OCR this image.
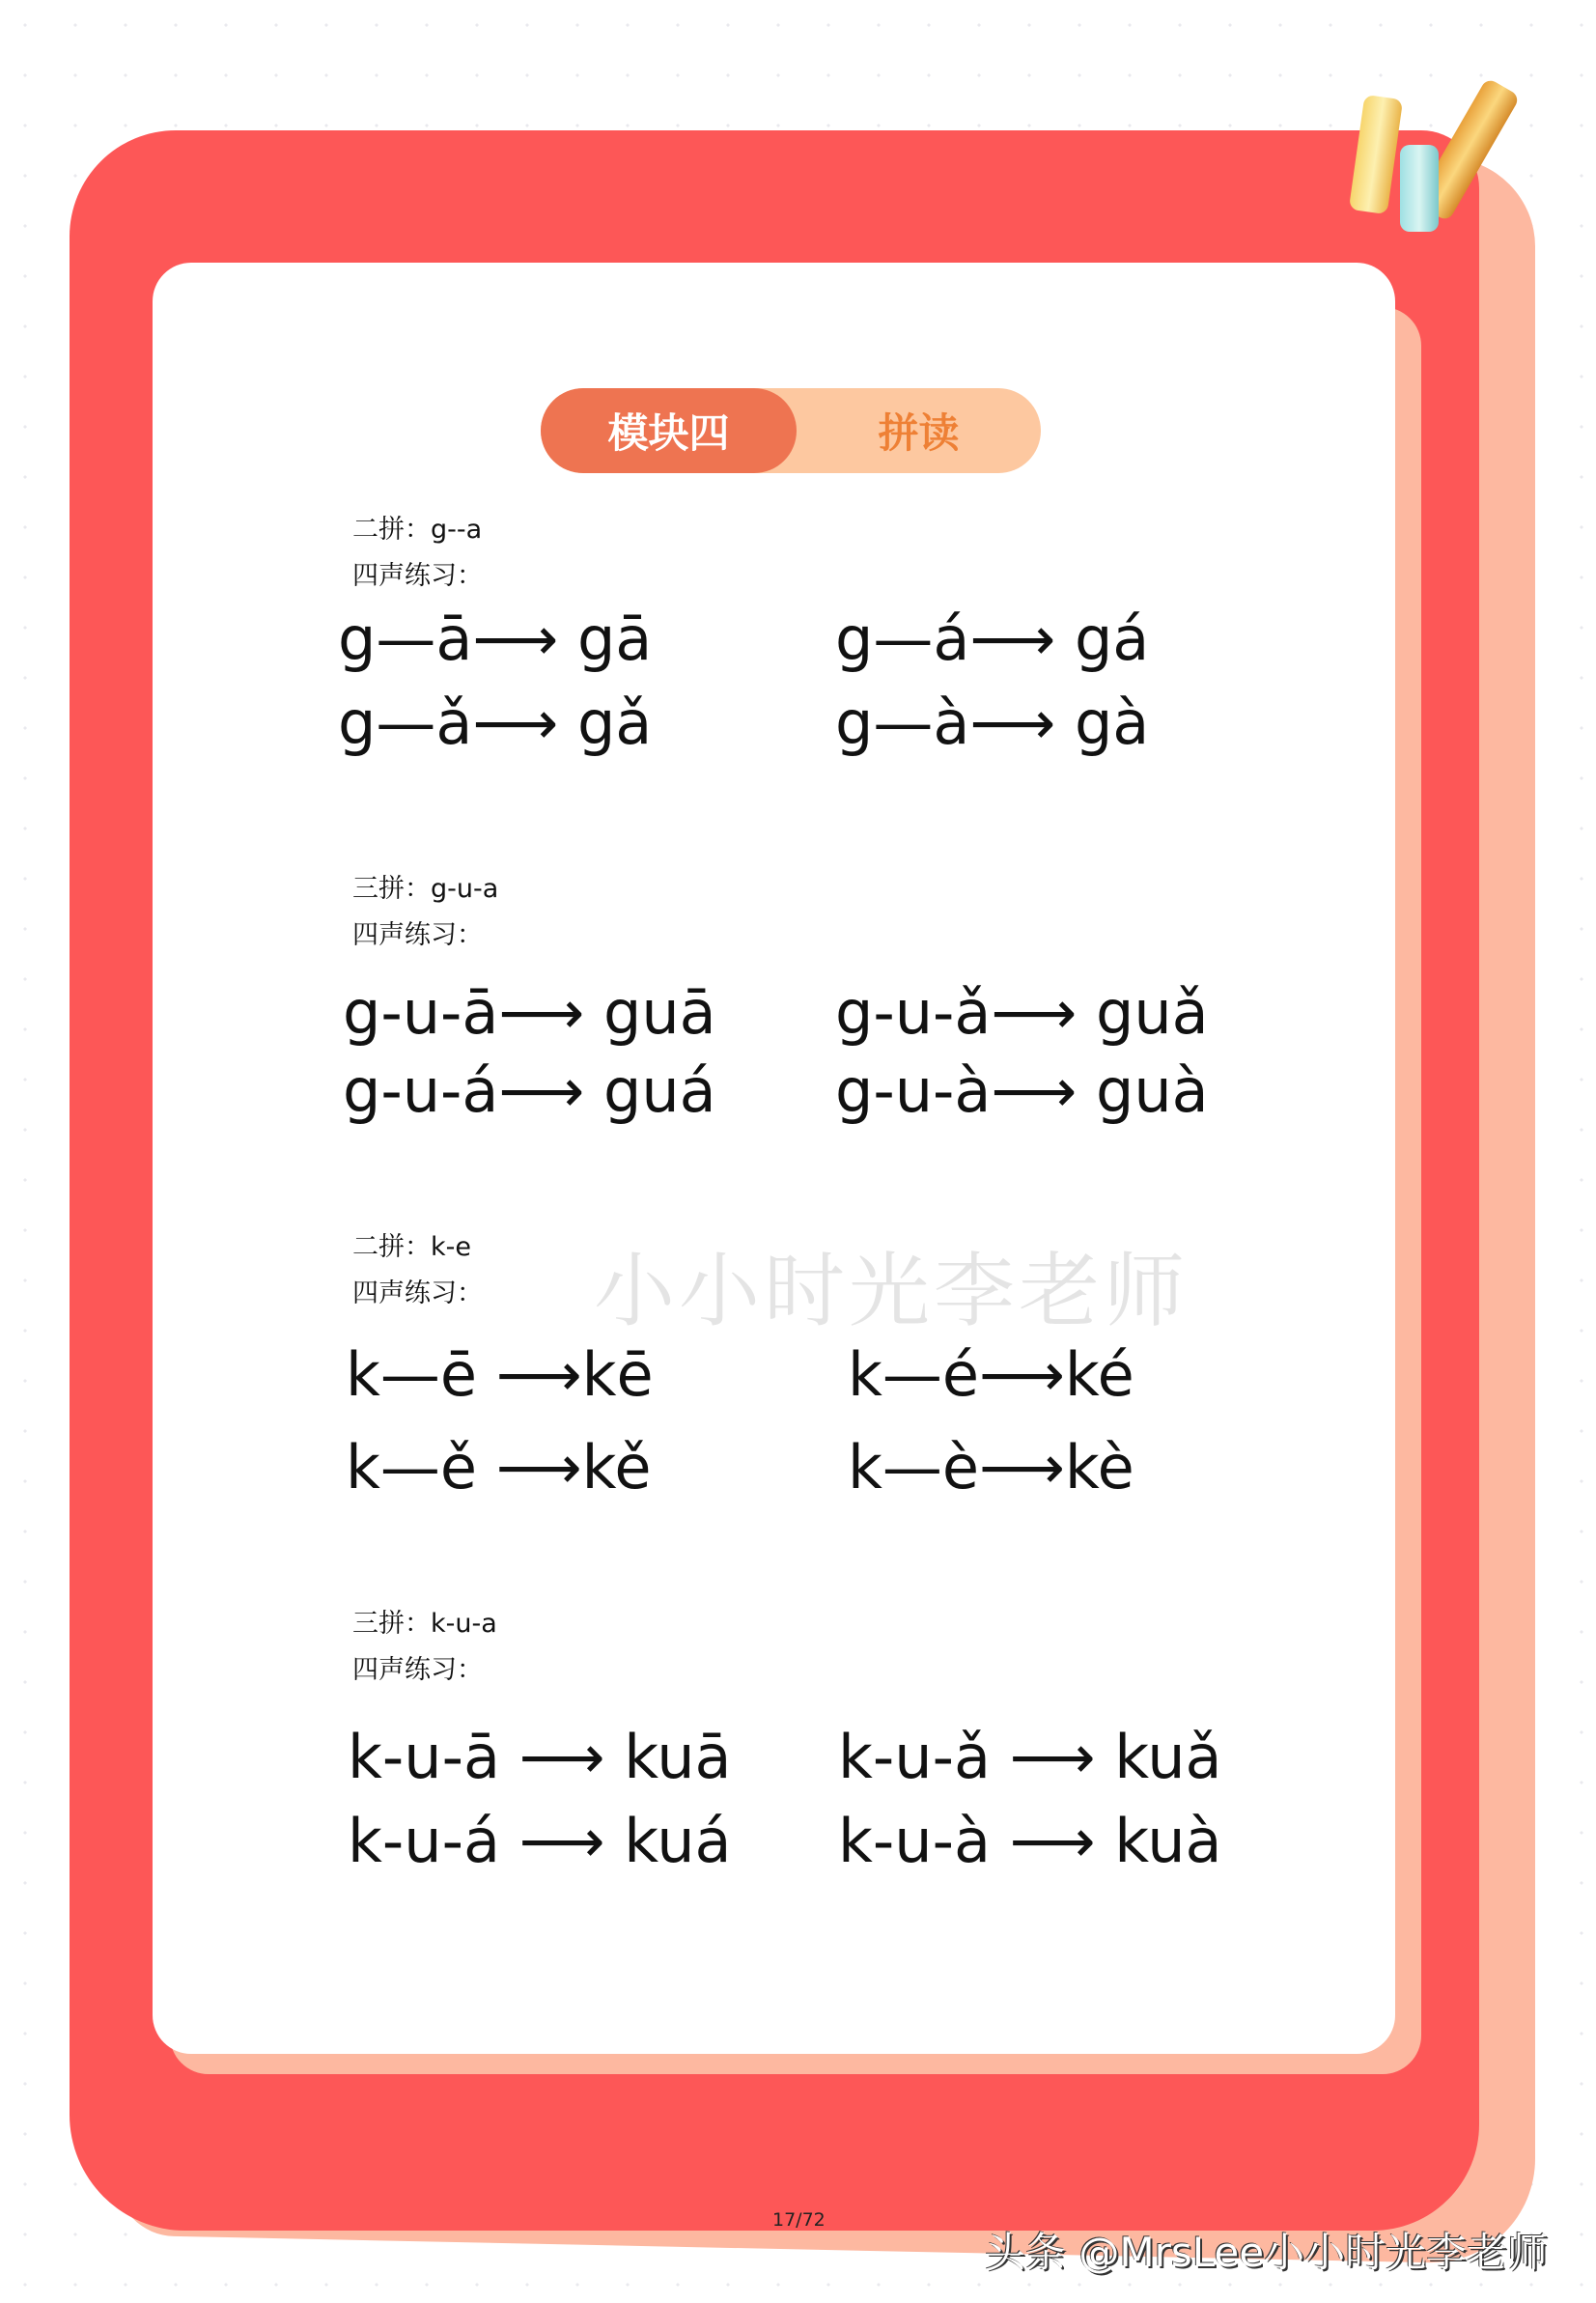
模块四	拼读
二拼：g--a
四声练习：
g—ā⟶ gā	g—á⟶ gá
g—ǎ⟶ gǎ	g—à⟶ gà
三拼：g-u-a
四声练习：
g-u-ā⟶ guā g-u-ǎ⟶ guǎ
g-u-á⟶ guá g-u-à⟶ guà
小小时光李老师
二拼：k-e
四声练习：
k—ē ⟶kē	k—é⟶ké
k—ě ⟶kě	k—è⟶kè
三拼：k-u-a
四声练习：
k-u-ā ⟶ kuā k-u-ǎ ⟶ kuǎ
k-u-á ⟶ kuá k-u-à ⟶ kuà
17/72
头条 @MrsLee小小时光李老师
